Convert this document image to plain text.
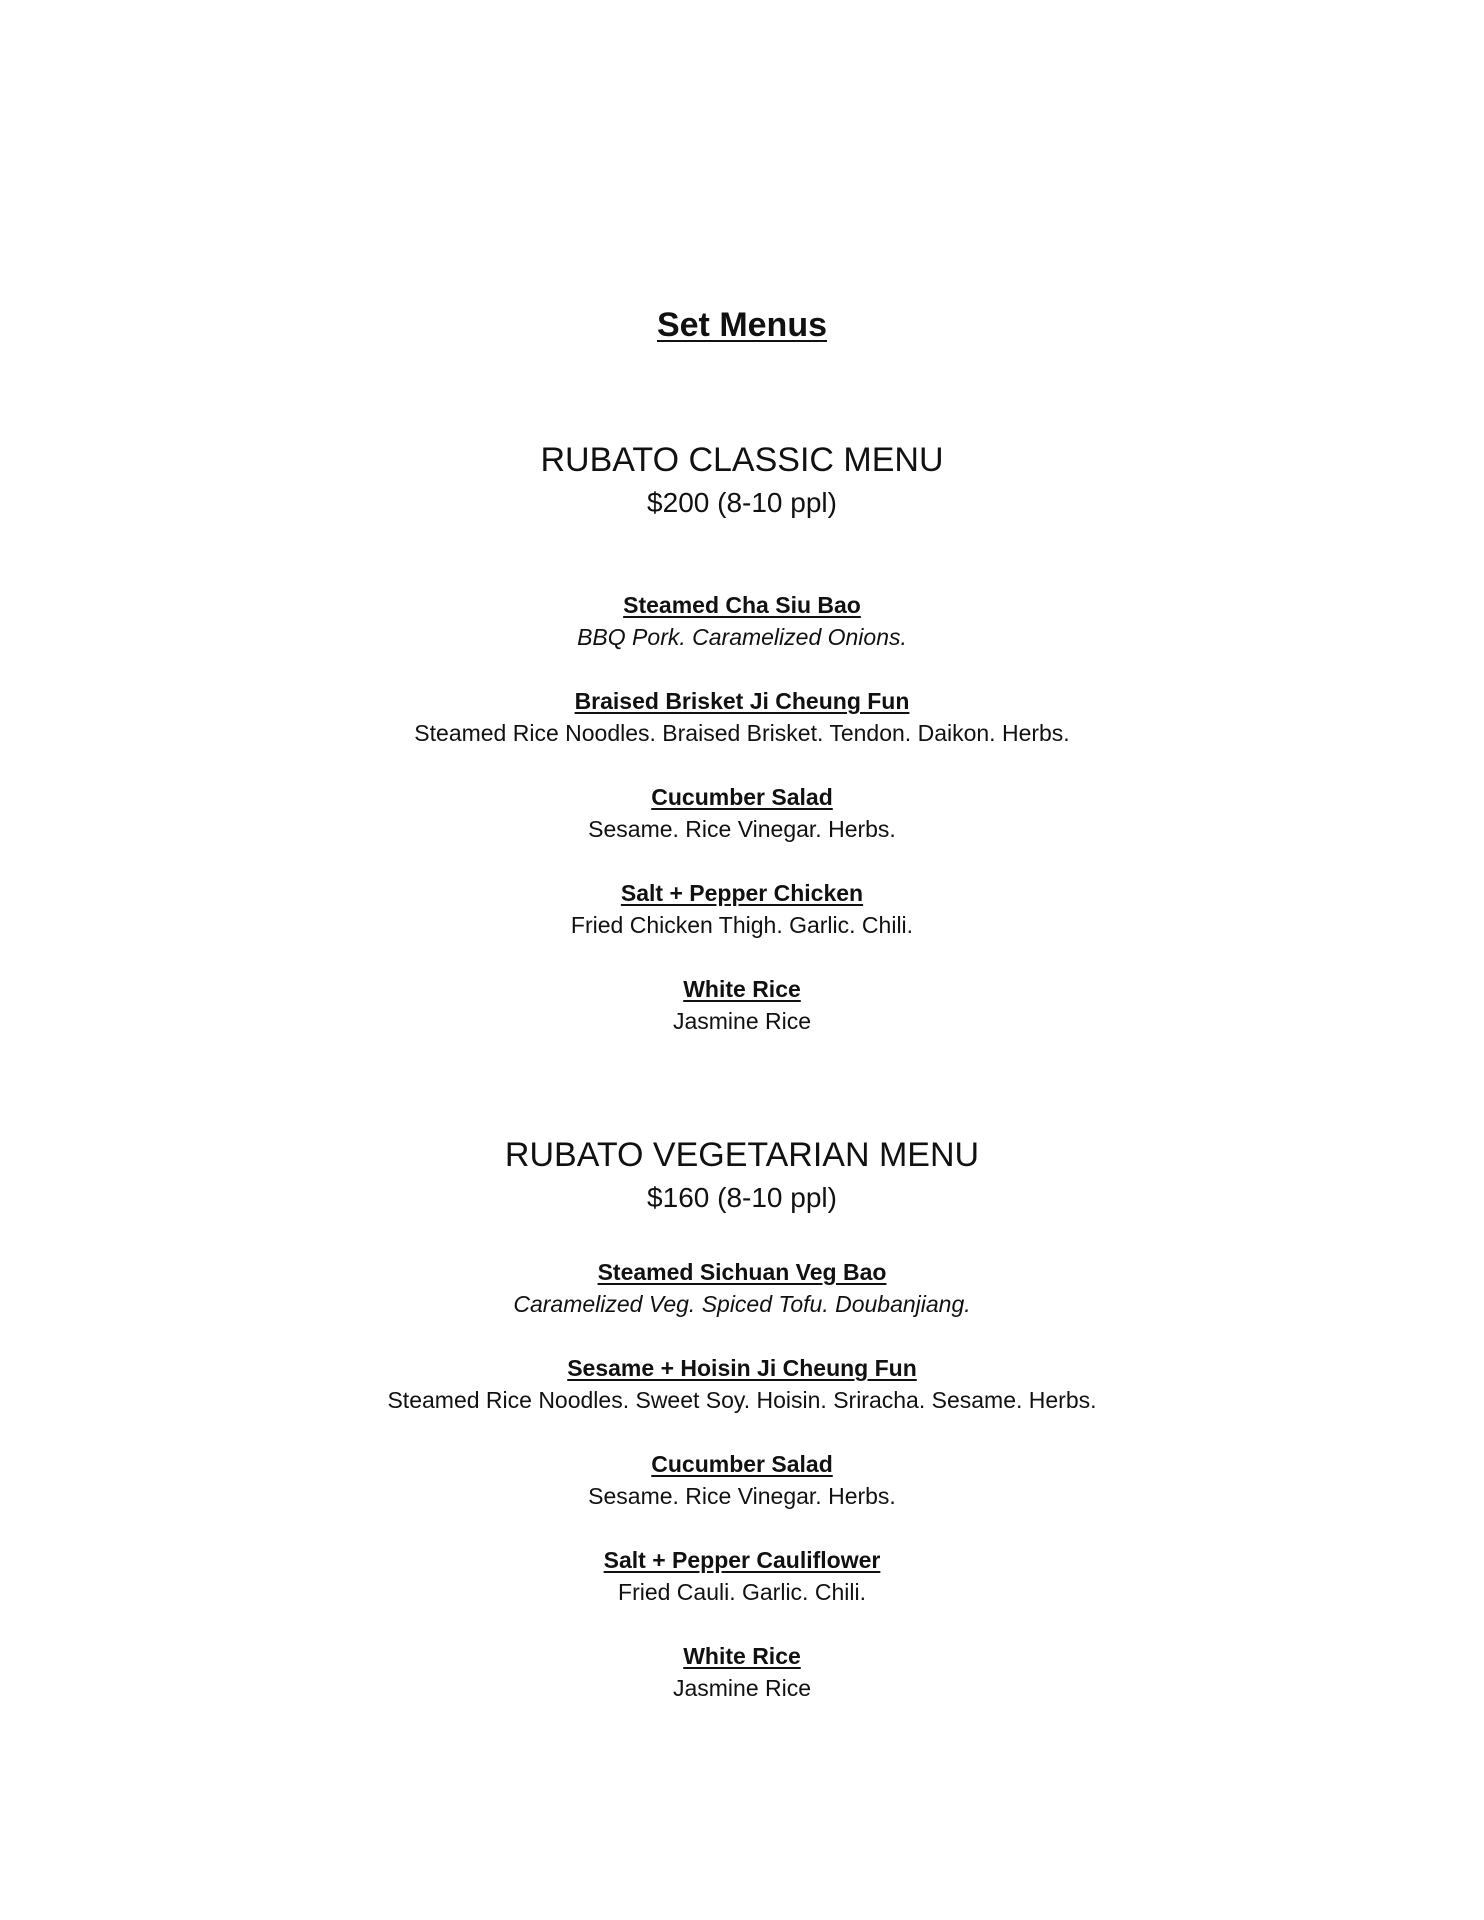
Set Menus
RUBATO CLASSIC MENU
$200 (8-10 ppl)
Steamed Cha Siu Bao
BBQ Pork. Caramelized Onions.
Braised Brisket Ji Cheung Fun
Steamed Rice Noodles. Braised Brisket. Tendon. Daikon. Herbs.
Cucumber Salad
Sesame. Rice Vinegar. Herbs.
Salt + Pepper Chicken
Fried Chicken Thigh. Garlic. Chili.
White Rice
Jasmine Rice
RUBATO VEGETARIAN MENU
$160 (8-10 ppl)
Steamed Sichuan Veg Bao
Caramelized Veg. Spiced Tofu. Doubanjiang.
Sesame + Hoisin Ji Cheung Fun
Steamed Rice Noodles. Sweet Soy. Hoisin. Sriracha. Sesame. Herbs.
Cucumber Salad
Sesame. Rice Vinegar. Herbs.
Salt + Pepper Cauliflower
Fried Cauli. Garlic. Chili.
White Rice
Jasmine Rice
